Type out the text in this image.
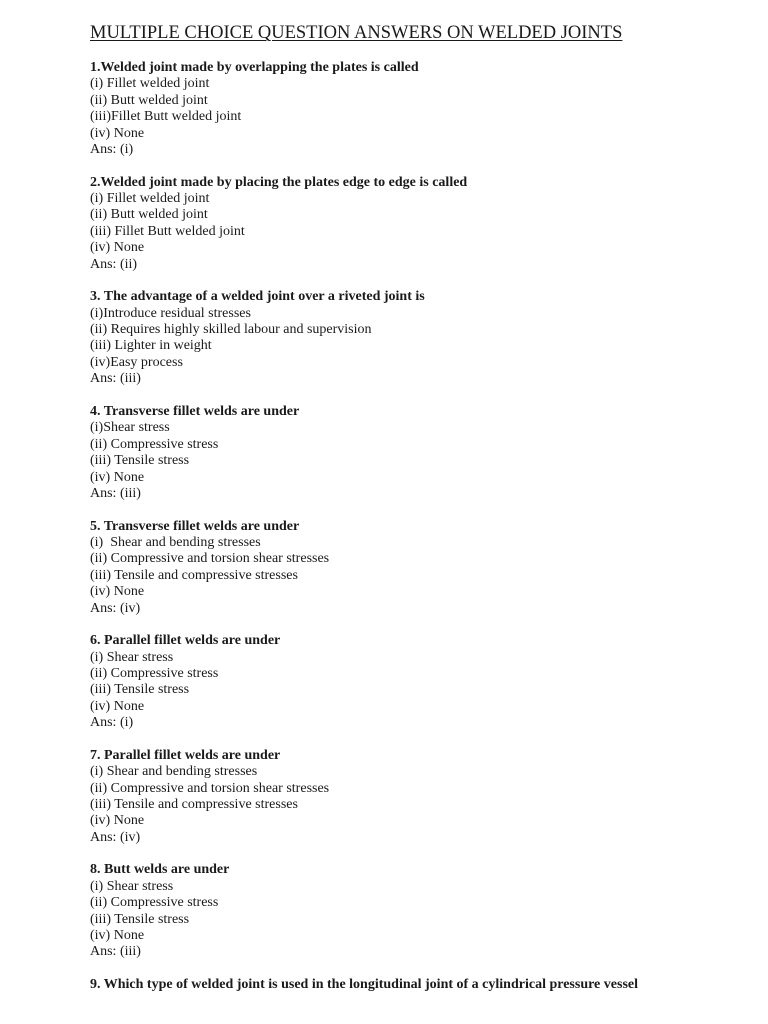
MULTIPLE CHOICE QUESTION ANSWERS ON WELDED JOINTS
1.Welded joint made by overlapping the plates is called
(i) Fillet welded joint
(ii) Butt welded joint
(iii)Fillet Butt welded joint
(iv) None
Ans: (i)
2.Welded joint made by placing the plates edge to edge is called
(i) Fillet welded joint
(ii) Butt welded joint
(iii) Fillet Butt welded joint
(iv) None
Ans: (ii)
3. The advantage of a welded joint over a riveted joint is
(i)Introduce residual stresses
(ii) Requires highly skilled labour and supervision
(iii) Lighter in weight
(iv)Easy process
Ans: (iii)
4. Transverse fillet welds are under
(i)Shear stress
(ii) Compressive stress
(iii) Tensile stress
(iv) None
Ans: (iii)
5. Transverse fillet welds are under
(i)  Shear and bending stresses
(ii) Compressive and torsion shear stresses
(iii) Tensile and compressive stresses
(iv) None
Ans: (iv)
6. Parallel fillet welds are under
(i) Shear stress
(ii) Compressive stress
(iii) Tensile stress
(iv) None
Ans: (i)
7. Parallel fillet welds are under
(i) Shear and bending stresses
(ii) Compressive and torsion shear stresses
(iii) Tensile and compressive stresses
(iv) None
Ans: (iv)
8. Butt welds are under
(i) Shear stress
(ii) Compressive stress
(iii) Tensile stress
(iv) None
Ans: (iii)
9. Which type of welded joint is used in the longitudinal joint of a cylindrical pressure vessel
